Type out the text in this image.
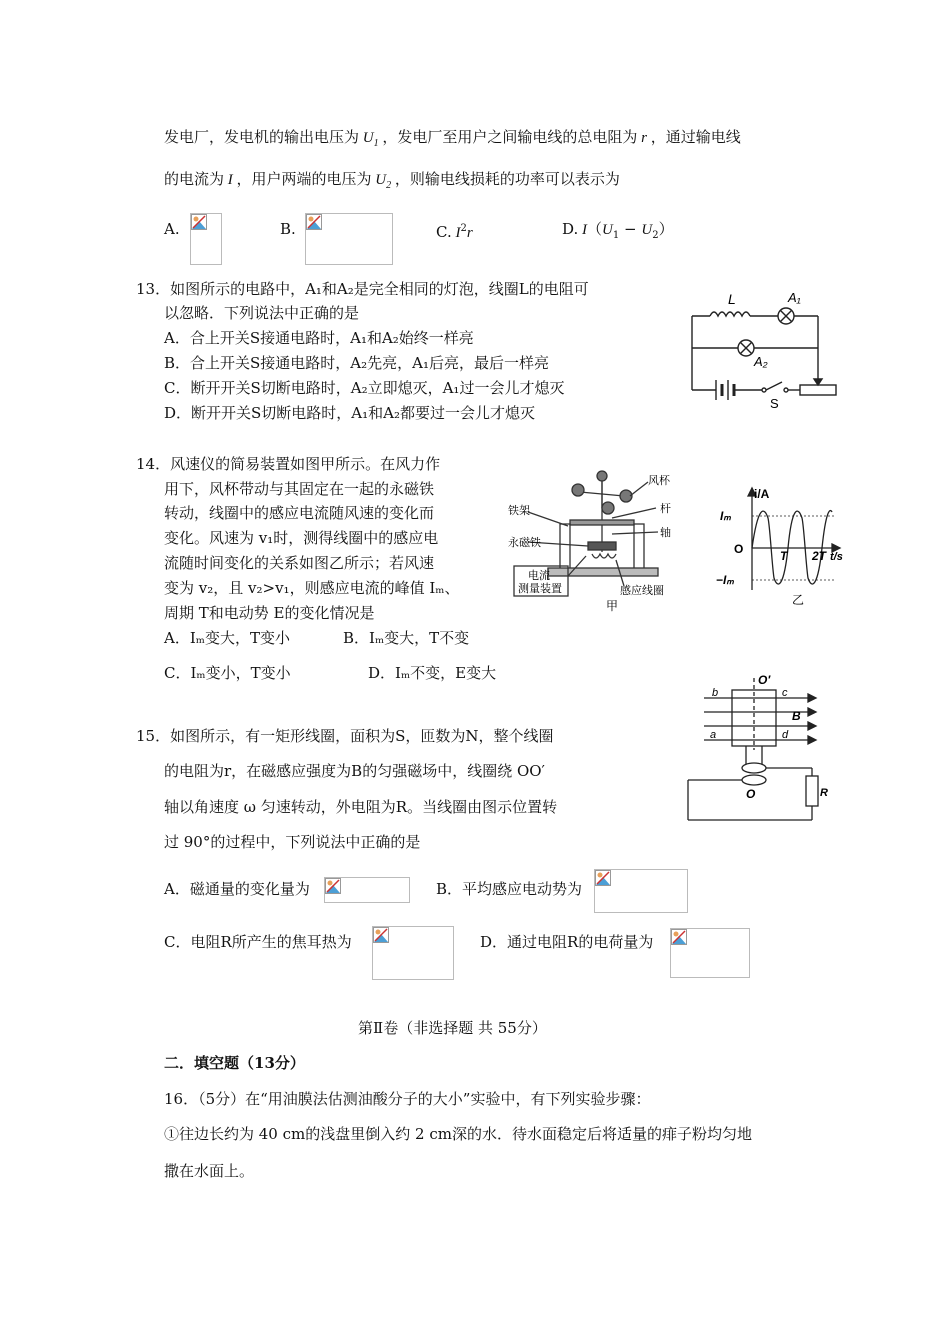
发电厂，发电机的输出电压为 $U_1$ ，发电厂至用户之间输电线的总电阻为 r ，通过输电线
的电流为 I ，用户两端的电压为 $U_2$ ，则输电线损耗的功率可以表示为
A.	B.	C. $I^2r$	D. $I(U_1 - U_2)$
13．如图所示的电路中，A₁和A₂是完全相同的灯泡，线圈L的电阻可
以忽略．下列说法中正确的是
A．合上开关S接通电路时，A₁和A₂始终一样亮
B．合上开关S接通电路时，A₂先亮，A₁后亮，最后一样亮
C．断开开关S切断电路时，A₂立即熄灭，A₁过一会儿才熄灭
D．断开开关S切断电路时，A₁和A₂都要过一会儿才熄灭
L	A₁
A₂
S
14．风速仪的简易装置如图甲所示。在风力作
用下，风杯带动与其固定在一起的永磁铁
转动，线圈中的感应电流随风速的变化而
变化。风速为 v₁时，测得线圈中的感应电
流随时间变化的关系如图乙所示；若风速
变为 v₂，且 v₂>v₁，则感应电流的峰值 Iₘ、
周期 T和电动势 E的变化情况是
A．Iₘ变大，T变小	B．Iₘ变大，T不变
C．Iₘ变小，T变小	D．Iₘ不变，E变大
风杯
杆
铁架
轴
永磁铁
电流
测量装置	感应线圈
甲
i/A
Iₘ
O	T 2T t/s
−Iₘ
乙
15．如图所示，有一矩形线圈，面积为S，匝数为N，整个线圈
的电阻为r，在磁感应强度为B的匀强磁场中，线圈绕 OO′
轴以角速度 ω 匀速转动，外电阻为R。当线圈由图示位置转
过 90°的过程中，下列说法中正确的是
O′
b	c
B
a	d
O	R
A．磁通量的变化量为	B．平均感应电动势为
C．电阻R所产生的焦耳热为	D．通过电阻R的电荷量为
第Ⅱ卷（非选择题 共 55分）
二．填空题（13分）
16．（5分）在“用油膜法估测油酸分子的大小”实验中，有下列实验步骤：
①往边长约为 40 cm的浅盘里倒入约 2 cm深的水．待水面稳定后将适量的痱子粉均匀地
撒在水面上。
